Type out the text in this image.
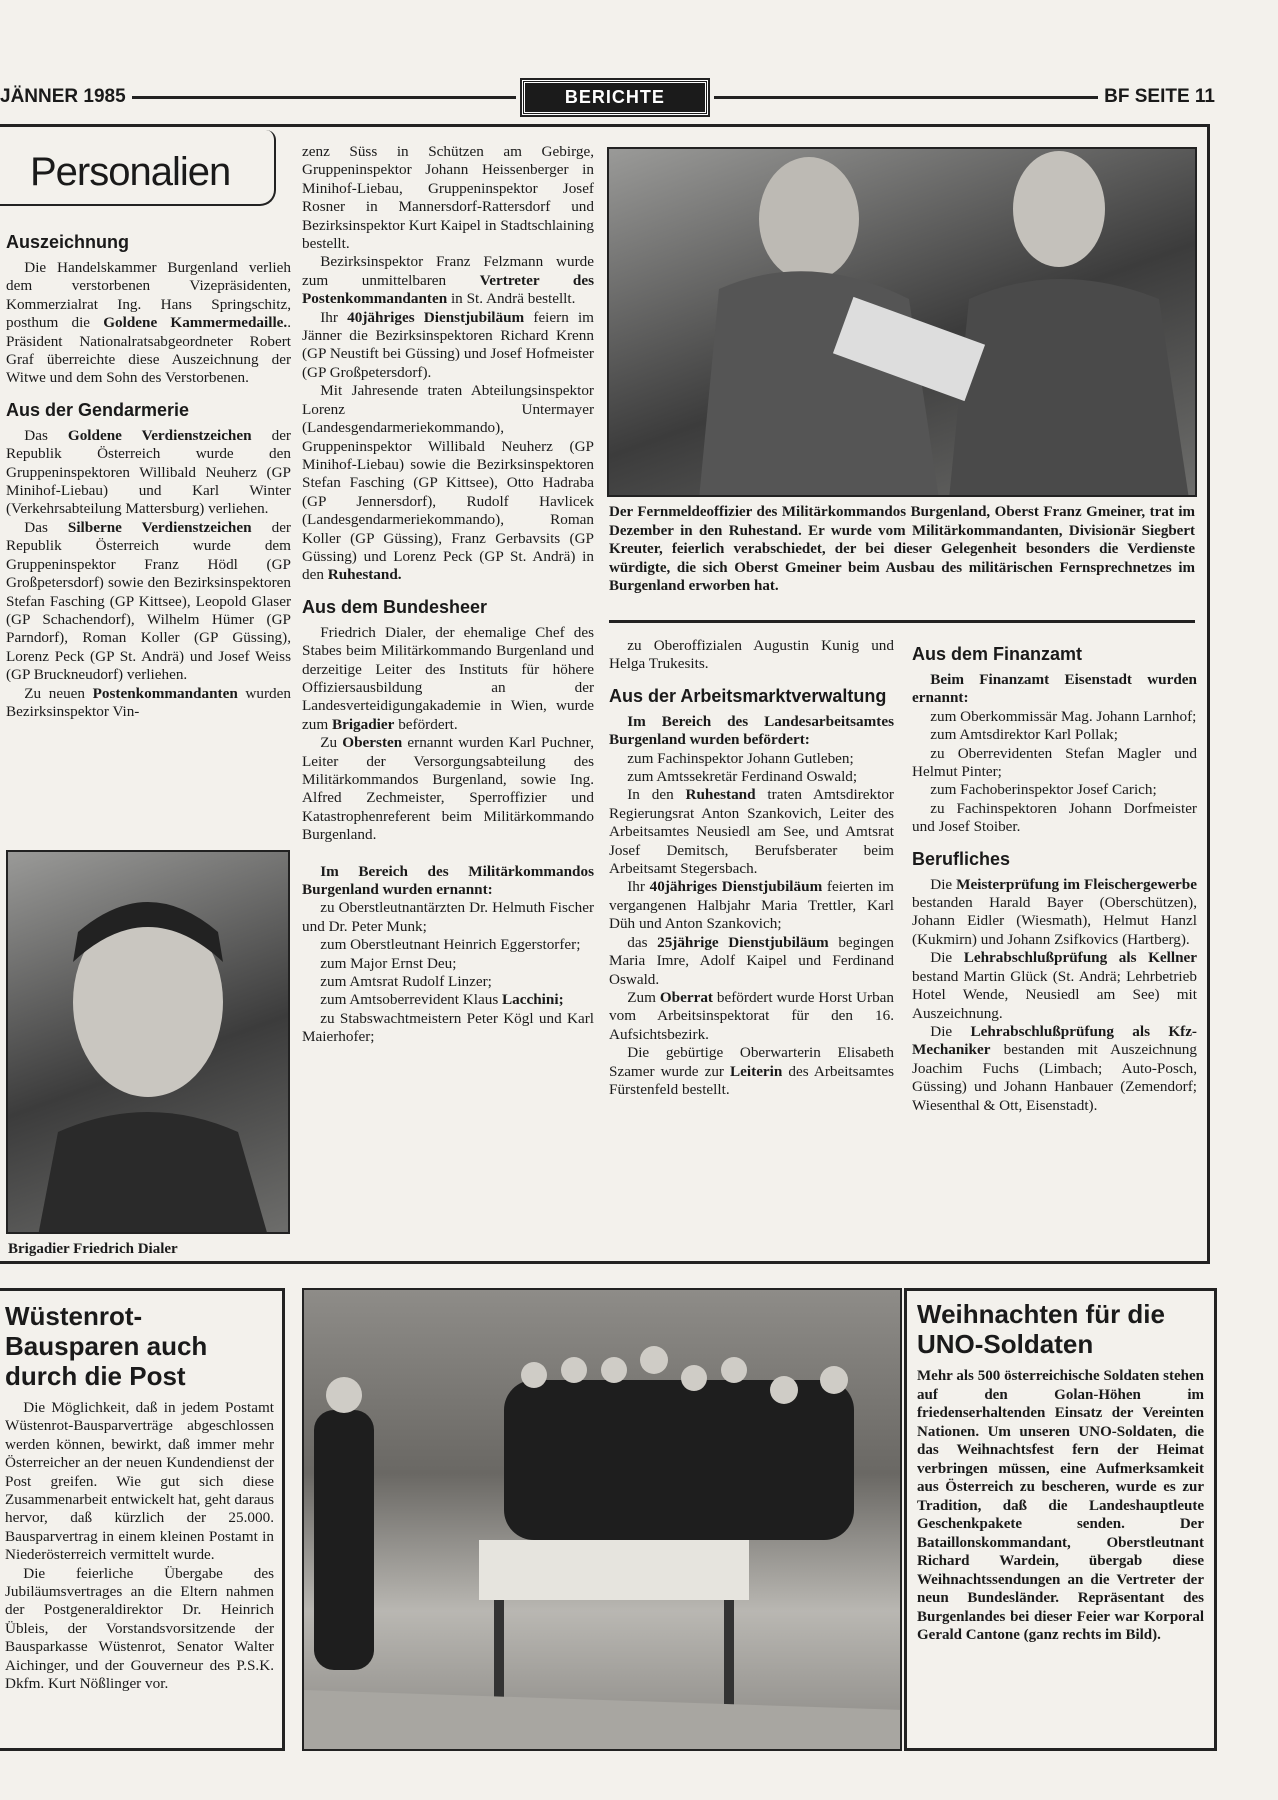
JÄNNER 1985	BERICHTE	BF SEITE 11
Personalien
Auszeichnung

Die Handelskammer Burgenland verlieh dem verstorbenen Vizepräsidenten, Kommerzialrat Ing. Hans Springschitz, posthum die Goldene Kammermedaille.. Präsident Nationalratsabgeordneter Robert Graf überreichte diese Auszeichnung der Witwe und dem Sohn des Verstorbenen.

Aus der Gendarmerie

Das Goldene Verdienstzeichen der Republik Österreich wurde den Gruppeninspektoren Willibald Neuherz (GP Minihof-Liebau) und Karl Winter (Verkehrsabteilung Mattersburg) verliehen.

Das Silberne Verdienstzeichen der Republik Österreich wurde dem Gruppeninspektor Franz Hödl (GP Großpetersdorf) sowie den Bezirksinspektoren Stefan Fasching (GP Kittsee), Leopold Glaser (GP Schachendorf), Wilhelm Hümer (GP Parndorf), Roman Koller (GP Güssing), Lorenz Peck (GP St. Andrä) und Josef Weiss (GP Bruckneudorf) verliehen.

Zu neuen Postenkommandanten wurden Bezirksinspektor Vin-

Brigadier Friedrich Dialer

zenz Süss in Schützen am Gebirge, Gruppeninspektor Johann Heissenberger in Minihof-Liebau, Gruppeninspektor Josef Rosner in Mannersdorf-Rattersdorf und Bezirksinspektor Kurt Kaipel in Stadtschlaining bestellt.

Bezirksinspektor Franz Felzmann wurde zum unmittelbaren Vertreter des Postenkommandanten in St. Andrä bestellt.

Ihr 40jähriges Dienstjubiläum feiern im Jänner die Bezirksinspektoren Richard Krenn (GP Neustift bei Güssing) und Josef Hofmeister (GP Großpetersdorf).

Mit Jahresende traten Abteilungsinspektor Lorenz Untermayer (Landesgendarmeriekommando), Gruppeninspektor Willibald Neuherz (GP Minihof-Liebau) sowie die Bezirksinspektoren Stefan Fasching (GP Kittsee), Otto Hadraba (GP Jennersdorf), Rudolf Havlicek (Landesgendarmeriekommando), Roman Koller (GP Güssing), Franz Gerbavsits (GP Güssing) und Lorenz Peck (GP St. Andrä) in den Ruhestand.

Aus dem Bundesheer

Friedrich Dialer, der ehemalige Chef des Stabes beim Militärkommando Burgenland und derzeitige Leiter des Instituts für höhere Offiziersausbildung an der Landesverteidigungakademie in Wien, wurde zum Brigadier befördert.

Zu Obersten ernannt wurden Karl Puchner, Leiter der Versorgungsabteilung des Militärkommandos Burgenland, sowie Ing. Alfred Zechmeister, Sperroffizier und Katastrophenreferent beim Militärkommando Burgenland.

Im Bereich des Militärkommandos Burgenland wurden ernannt:

zu Oberstleutnantärzten Dr. Helmuth Fischer und Dr. Peter Munk;

zum Oberstleutnant Heinrich Eggerstorfer;

zum Major Ernst Deu;

zum Amtsrat Rudolf Linzer;

zum Amtsoberrevident Klaus Lacchini;

zu Stabswachtmeistern Peter Kögl und Karl Maierhofer;

Der Fernmeldeoffizier des Militärkommandos Burgenland, Oberst Franz Gmeiner, trat im Dezember in den Ruhestand. Er wurde vom Militärkommandanten, Divisionär Siegbert Kreuter, feierlich verabschiedet, der bei dieser Gelegenheit besonders die Verdienste würdigte, die sich Oberst Gmeiner beim Ausbau des militärischen Fernsprechnetzes im Burgenland erworben hat.

zu Oberoffizialen Augustin Kunig und Helga Trukesits.

Aus der Arbeitsmarktverwaltung

Im Bereich des Landesarbeitsamtes Burgenland wurden befördert:

zum Fachinspektor Johann Gutleben;

zum Amtssekretär Ferdinand Oswald;

In den Ruhestand traten Amtsdirektor Regierungsrat Anton Szankovich, Leiter des Arbeitsamtes Neusiedl am See, und Amtsrat Josef Demitsch, Berufsberater beim Arbeitsamt Stegersbach.

Ihr 40jähriges Dienstjubiläum feierten im vergangenen Halbjahr Maria Trettler, Karl Düh und Anton Szankovich;

das 25jährige Dienstjubiläum begingen Maria Imre, Adolf Kaipel und Ferdinand Oswald.

Zum Oberrat befördert wurde Horst Urban vom Arbeitsinspektorat für den 16. Aufsichtsbezirk.

Die gebürtige Oberwarterin Elisabeth Szamer wurde zur Leiterin des Arbeitsamtes Fürstenfeld bestellt.

Aus dem Finanzamt

Beim Finanzamt Eisenstadt wurden ernannt:

zum Oberkommissär Mag. Johann Larnhof;

zum Amtsdirektor Karl Pollak;

zu Oberrevidenten Stefan Magler und Helmut Pinter;

zum Fachoberinspektor Josef Carich;

zu Fachinspektoren Johann Dorfmeister und Josef Stoiber.

Berufliches

Die Meisterprüfung im Fleischergewerbe bestanden Harald Bayer (Oberschützen), Johann Eidler (Wiesmath), Helmut Hanzl (Kukmirn) und Johann Zsifkovics (Hartberg).

Die Lehrabschlußprüfung als Kellner bestand Martin Glück (St. Andrä; Lehrbetrieb Hotel Wende, Neusiedl am See) mit Auszeichnung.

Die Lehrabschlußprüfung als Kfz-Mechaniker bestanden mit Auszeichnung Joachim Fuchs (Limbach; Auto-Posch, Güssing) und Johann Hanbauer (Zemendorf; Wiesenthal & Ott, Eisenstadt).

Wüstenrot-Bausparen auch durch die Post

Die Möglichkeit, daß in jedem Postamt Wüstenrot-Bausparverträge abgeschlossen werden können, bewirkt, daß immer mehr Österreicher an der neuen Kundendienst der Post greifen. Wie gut sich diese Zusammenarbeit entwickelt hat, geht daraus hervor, daß kürzlich der 25.000. Bausparvertrag in einem kleinen Postamt in Niederösterreich vermittelt wurde.

Die feierliche Übergabe des Jubiläumsvertrages an die Eltern nahmen der Postgeneraldirektor Dr. Heinrich Übleis, der Vorstandsvorsitzende der Bausparkasse Wüstenrot, Senator Walter Aichinger, und der Gouverneur des P.S.K. Dkfm. Kurt Nößlinger vor.

Weihnachten für die UNO-Soldaten
Mehr als 500 österreichische Soldaten stehen auf den Golan-Höhen im friedenserhaltenden Einsatz der Vereinten Nationen. Um unseren UNO-Soldaten, die das Weihnachtsfest fern der Heimat verbringen müssen, eine Aufmerksamkeit aus Österreich zu bescheren, wurde es zur Tradition, daß die Landeshauptleute Geschenkpakete senden. Der Bataillonskommandant, Oberstleutnant Richard Wardein, übergab diese Weihnachtssendungen an die Vertreter der neun Bundesländer. Repräsentant des Burgenlandes bei dieser Feier war Korporal Gerald Cantone (ganz rechts im Bild).
